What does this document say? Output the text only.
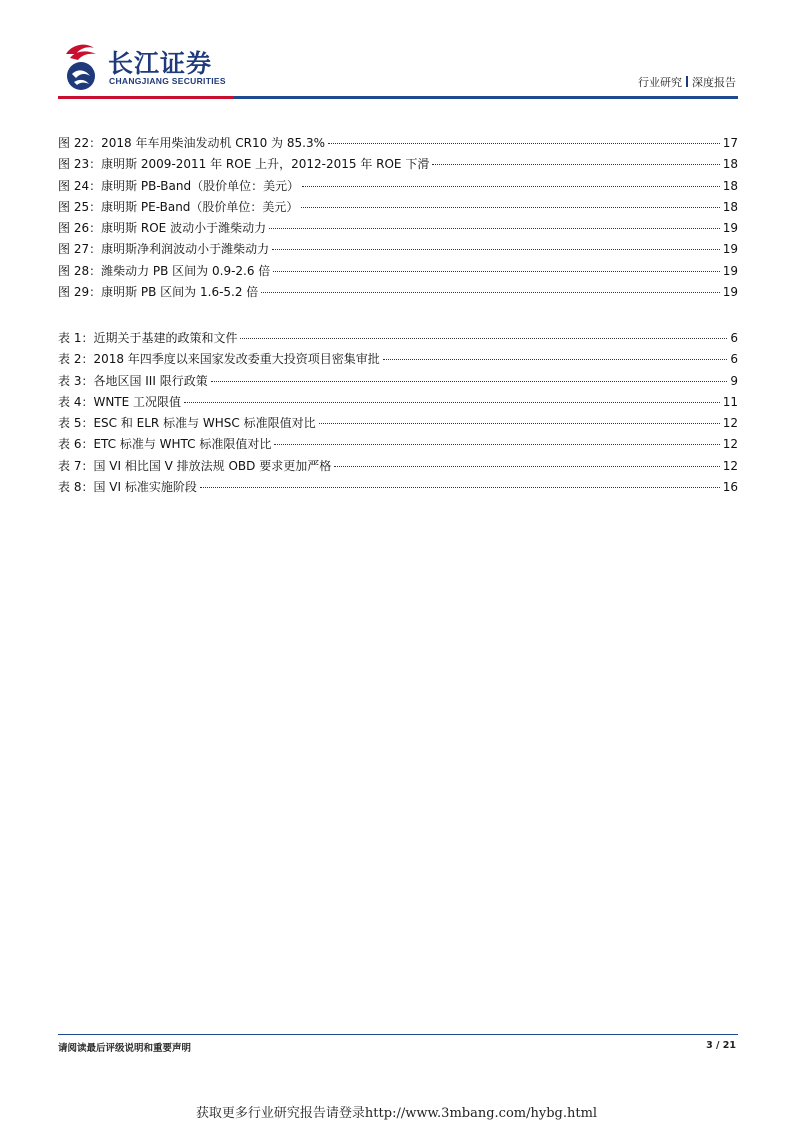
长江证券
CHANGJIANG SECURITIES	行业研究 深度报告
图 22：2018 年车用柴油发动机 CR10 为 85.3%	17
图 23：康明斯 2009-2011 年 ROE 上升，2012-2015 年 ROE 下滑	18
图 24：康明斯 PB-Band（股价单位：美元）	18
图 25：康明斯 PE-Band（股价单位：美元）	18
图 26：康明斯 ROE 波动小于潍柴动力	19
图 27：康明斯净利润波动小于潍柴动力	19
图 28：潍柴动力 PB 区间为 0.9-2.6 倍	19
图 29：康明斯 PB 区间为 1.6-5.2 倍	19
表 1：近期关于基建的政策和文件	6
表 2：2018 年四季度以来国家发改委重大投资项目密集审批	6
表 3：各地区国 III 限行政策	9
表 4：WNTE 工况限值	11
表 5：ESC 和 ELR 标准与 WHSC 标准限值对比	12
表 6：ETC 标准与 WHTC 标准限值对比	12
表 7：国 VI 相比国 V 排放法规 OBD 要求更加严格	12
表 8：国 VI 标准实施阶段	16
请阅读最后评级说明和重要声明	3 / 21
获取更多行业研究报告请登录http://www.3mbang.com/hybg.html
